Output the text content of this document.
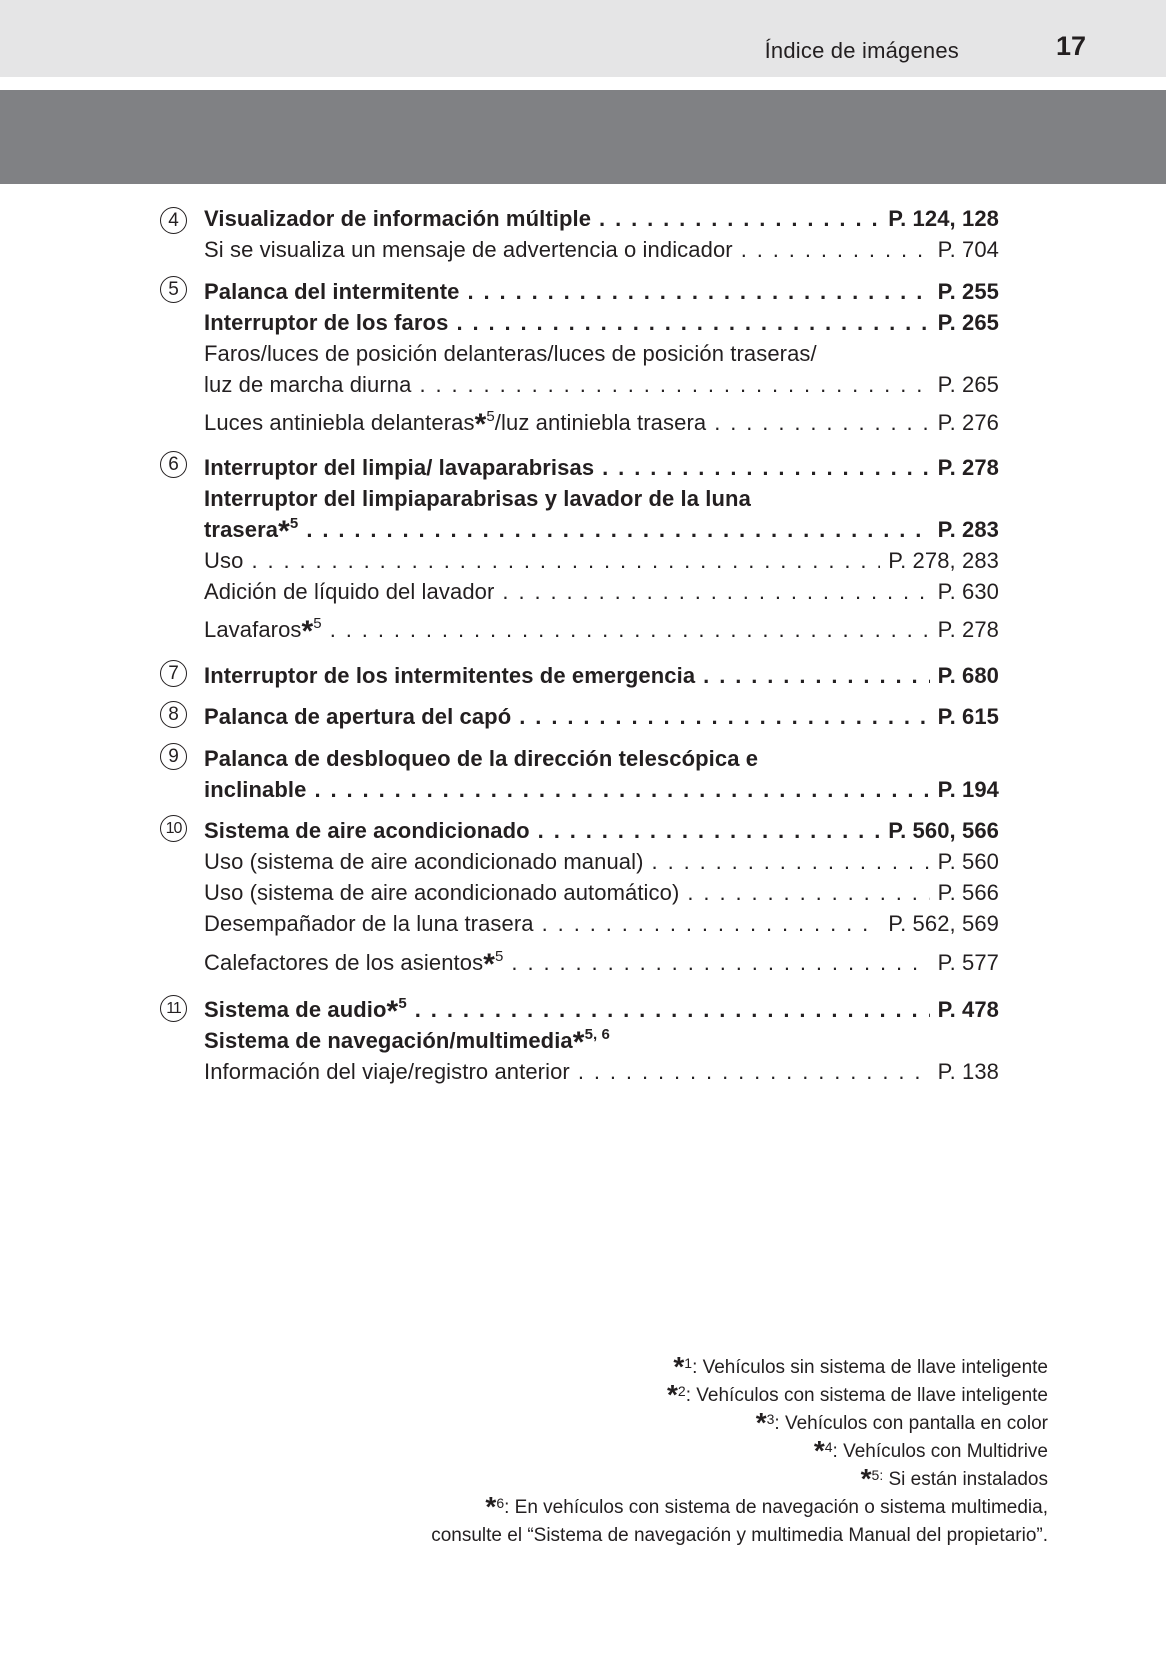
Índice de imágenes	17
4
5
6
7
8
9
10
11
Visualizador de información múltiple . . .	P. 124, 128
Si se visualiza un mensaje de advertencia o indicador . . .	P. 704
Palanca del intermitente . . .	P. 255
Interruptor de los faros . . .	P. 265
Faros/luces de posición delanteras/luces de posición traseras/
luz de marcha diurna . . .	P. 265
Luces antiniebla delanteras*$^5$/luz antiniebla trasera . . .	P. 276
Interruptor del limpia/ lavaparabrisas . . .	P. 278
Interruptor del limpiaparabrisas y lavador de la luna
trasera*$^5$ . . .	P. 283
Uso . . .	P. 278, 283
Adición de líquido del lavador . . .	P. 630
Lavafaros*$^5$ . . .	P. 278
Interruptor de los intermitentes de emergencia . . .	P. 680
Palanca de apertura del capó . . .	P. 615
Palanca de desbloqueo de la dirección telescópica e
inclinable . . .	P. 194
Sistema de aire acondicionado . . .	P. 560, 566
Uso (sistema de aire acondicionado manual) . . .	P. 560
Uso (sistema de aire acondicionado automático) . . .	P. 566
Desempañador de la luna trasera . . .	P. 562, 569
Calefactores de los asientos*$^5$ . . .	P. 577
Sistema de audio*$^5$ . . .	P. 478
Sistema de navegación/multimedia*$^{5, 6}$
Información del viaje/registro anterior . . .	P. 138
*$^1$: Vehículos sin sistema de llave inteligente
*$^2$: Vehículos con sistema de llave inteligente
*$^3$: Vehículos con pantalla en color
*$^4$: Vehículos con Multidrive
*$^{5:}$ Si están instalados
*$^6$: En vehículos con sistema de navegación o sistema multimedia,
consulte el “Sistema de navegación y multimedia Manual del propietario”.
